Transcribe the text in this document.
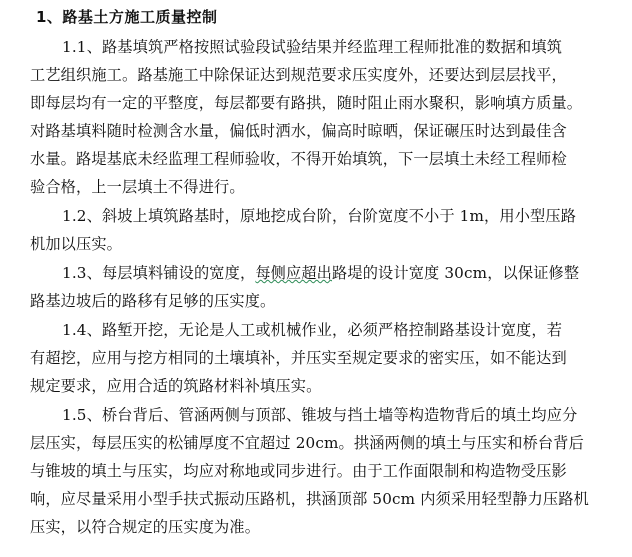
1、路基土方施工质量控制
1.1、路基填筑严格按照试验段试验结果并经监理工程师批准的数据和填筑
工艺组织施工。路基施工中除保证达到规范要求压实度外，还要达到层层找平，
即每层均有一定的平整度，每层都要有路拱，随时阻止雨水聚积，影响填方质量。
对路基填料随时检测含水量，偏低时洒水，偏高时晾晒，保证碾压时达到最佳含
水量。路堤基底未经监理工程师验收，不得开始填筑，下一层填土未经工程师检
验合格，上一层填土不得进行。
1.2、斜坡上填筑路基时，原地挖成台阶，台阶宽度不小于 1m，用小型压路
机加以压实。
1.3、每层填料铺设的宽度，每侧应超出路堤的设计宽度 30cm，以保证修整
路基边坡后的路移有足够的压实度。
1.4、路堑开挖，无论是人工或机械作业，必须严格控制路基设计宽度，若
有超挖，应用与挖方相同的土壤填补，并压实至规定要求的密实压，如不能达到
规定要求，应用合适的筑路材料补填压实。
1.5、桥台背后、管涵两侧与顶部、锥坡与挡土墙等构造物背后的填土均应分
层压实，每层压实的松铺厚度不宜超过 20cm。拱涵两侧的填土与压实和桥台背后
与锥坡的填土与压实，均应对称地或同步进行。由于工作面限制和构造物受压影
响，应尽量采用小型手扶式振动压路机，拱涵顶部 50cm 内须采用轻型静力压路机
压实，以符合规定的压实度为准。
